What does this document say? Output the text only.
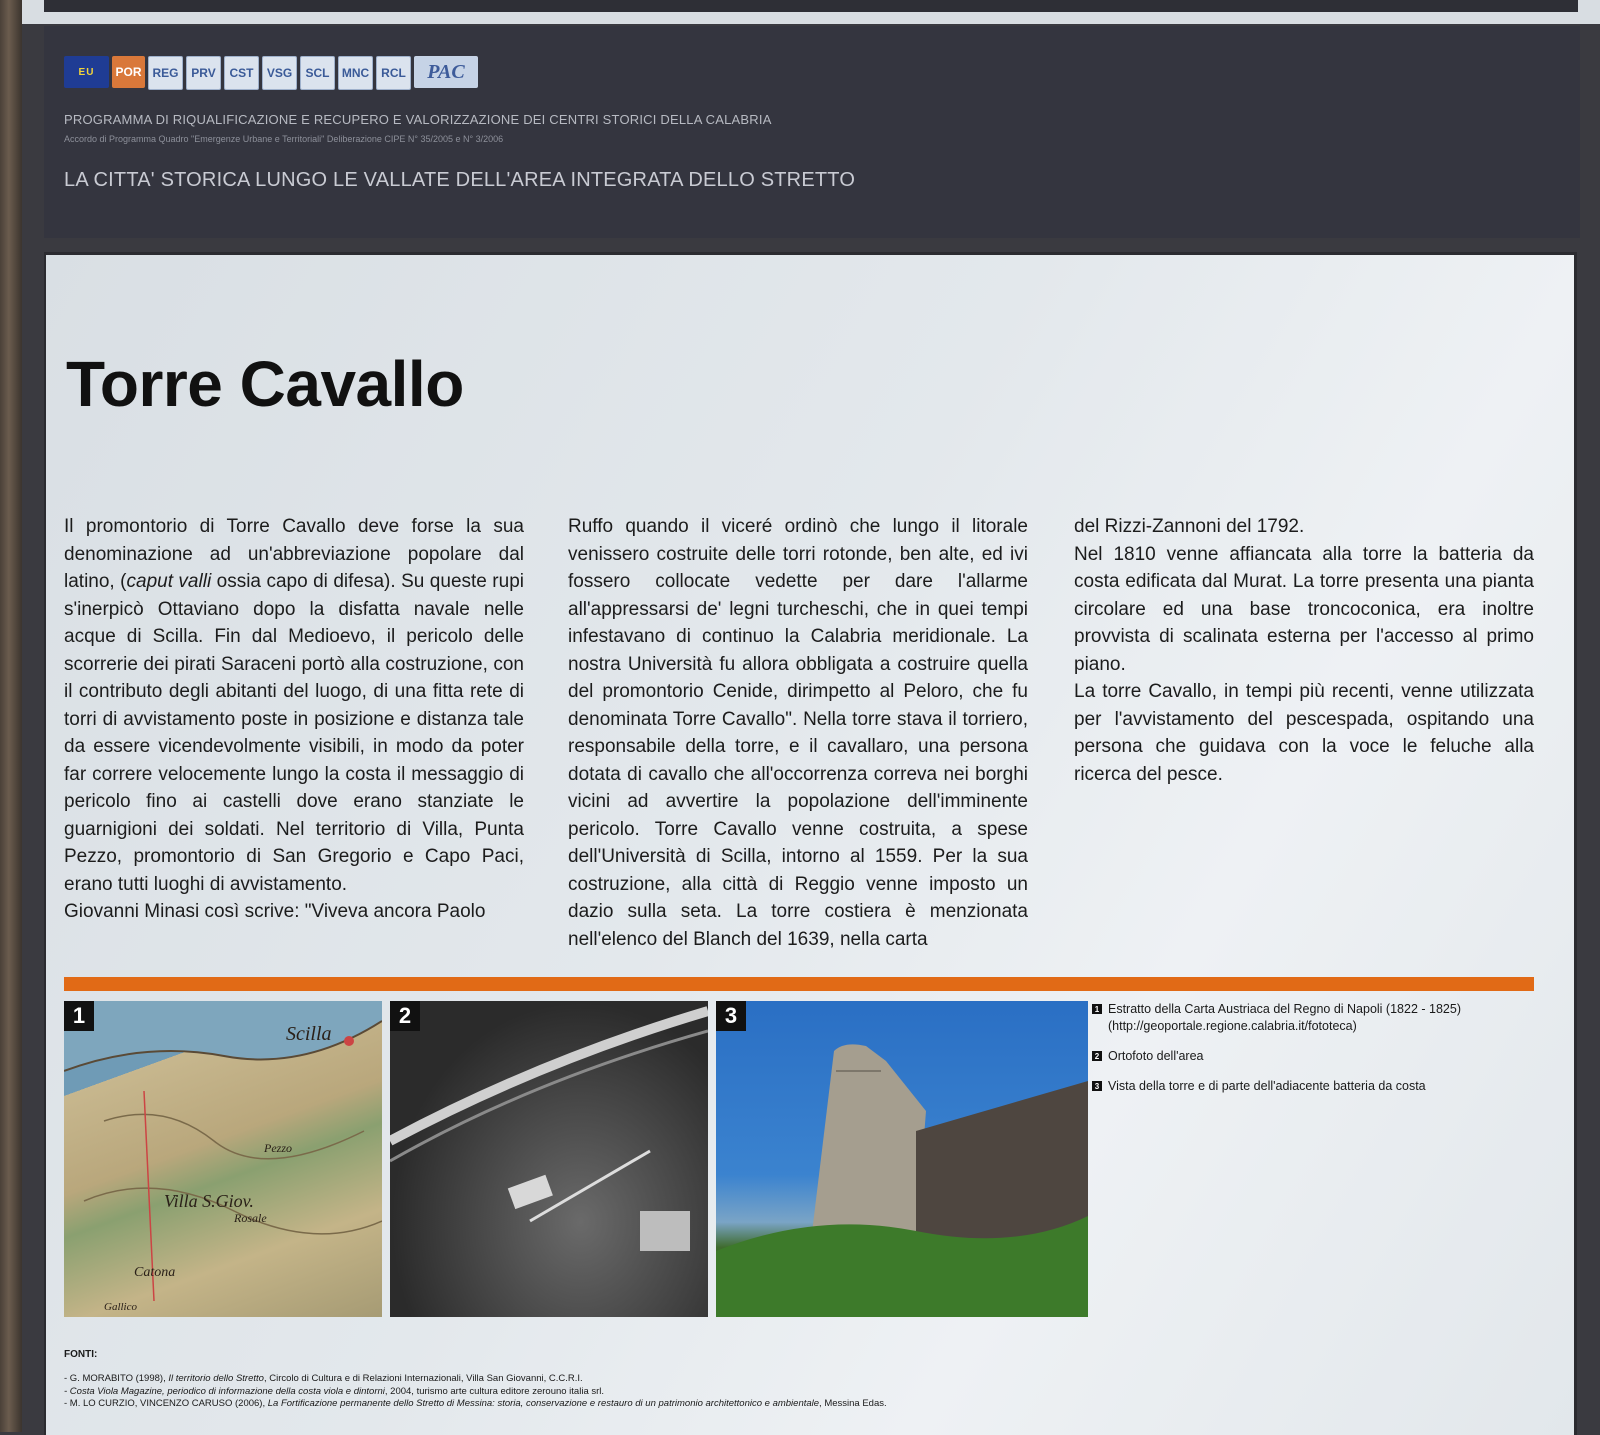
EU	POR REG	PRV	CST	VSG	SCL	MNC	RCL	PAC
PROGRAMMA DI RIQUALIFICAZIONE E RECUPERO E VALORIZZAZIONE DEI CENTRI STORICI DELLA CALABRIA
Accordo di Programma Quadro "Emergenze Urbane e Territoriali" Deliberazione CIPE N° 35/2005 e N° 3/2006
LA CITTA' STORICA LUNGO LE VALLATE DELL'AREA INTEGRATA DELLO STRETTO
Torre Cavallo

Il promontorio di Torre Cavallo deve forse la sua denominazione ad un'abbreviazione popolare dal latino, (caput valli ossia capo di difesa). Su queste rupi s'inerpicò Ottaviano dopo la disfatta navale nelle acque di Scilla. Fin dal Medioevo, il pericolo delle scorrerie dei pirati Saraceni portò alla costruzione, con il contributo degli abitanti del luogo, di una fitta rete di torri di avvistamento poste in posizione e distanza tale da essere vicendevolmente visibili, in modo da poter far correre velocemente lungo la costa il messaggio di pericolo fino ai castelli dove erano stanziate le guarnigioni dei soldati. Nel territorio di Villa, Punta Pezzo, promontorio di San Gregorio e Capo Paci, erano tutti luoghi di avvistamento.

Giovanni Minasi così scrive: "Viveva ancora Paolo

Ruffo quando il viceré ordinò che lungo il litorale venissero costruite delle torri rotonde, ben alte, ed ivi fossero collocate vedette per dare l'allarme all'appressarsi de' legni turcheschi, che in quei tempi infestavano di continuo la Calabria meridionale. La nostra Università fu allora obbligata a costruire quella del promontorio Cenide, dirimpetto al Peloro, che fu denominata Torre Cavallo". Nella torre stava il torriero, responsabile della torre, e il cavallaro, una persona dotata di cavallo che all'occorrenza correva nei borghi vicini ad avvertire la popolazione dell'imminente pericolo. Torre Cavallo venne costruita, a spese dell'Università di Scilla, intorno al 1559. Per la sua costruzione, alla città di Reggio venne imposto un dazio sulla seta. La torre costiera è menzionata nell'elenco del Blanch del 1639, nella carta

del Rizzi-Zannoni del 1792.

Nel 1810 venne affiancata alla torre la batteria da costa edificata dal Murat. La torre presenta una pianta circolare ed una base troncoconica, era inoltre provvista di scalinata esterna per l'accesso al primo piano.

La torre Cavallo, in tempi più recenti, venne utilizzata per l'avvistamento del pescespada, ospitando una persona che guidava con la voce le feluche alla ricerca del pesce.

Scilla
Villa S.Giov.
Catona
Rosale
Pezzo
Gallico
1	2	3	1 Estratto della Carta Austriaca del Regno di Napoli (1822 - 1825)
(http://geoportale.regione.calabria.it/fototeca)
2 Ortofoto dell'area
3 Vista della torre e di parte dell'adiacente batteria da costa
FONTI:
- G. MORABITO (1998), Il territorio dello Stretto, Circolo di Cultura e di Relazioni Internazionali, Villa San Giovanni, C.C.R.I.
- Costa Viola Magazine, periodico di informazione della costa viola e dintorni, 2004, turismo arte cultura editore zerouno italia srl.
- M. LO CURZIO, VINCENZO CARUSO (2006), La Fortificazione permanente dello Stretto di Messina: storia, conservazione e restauro di un patrimonio architettonico e ambientale, Messina Edas.
